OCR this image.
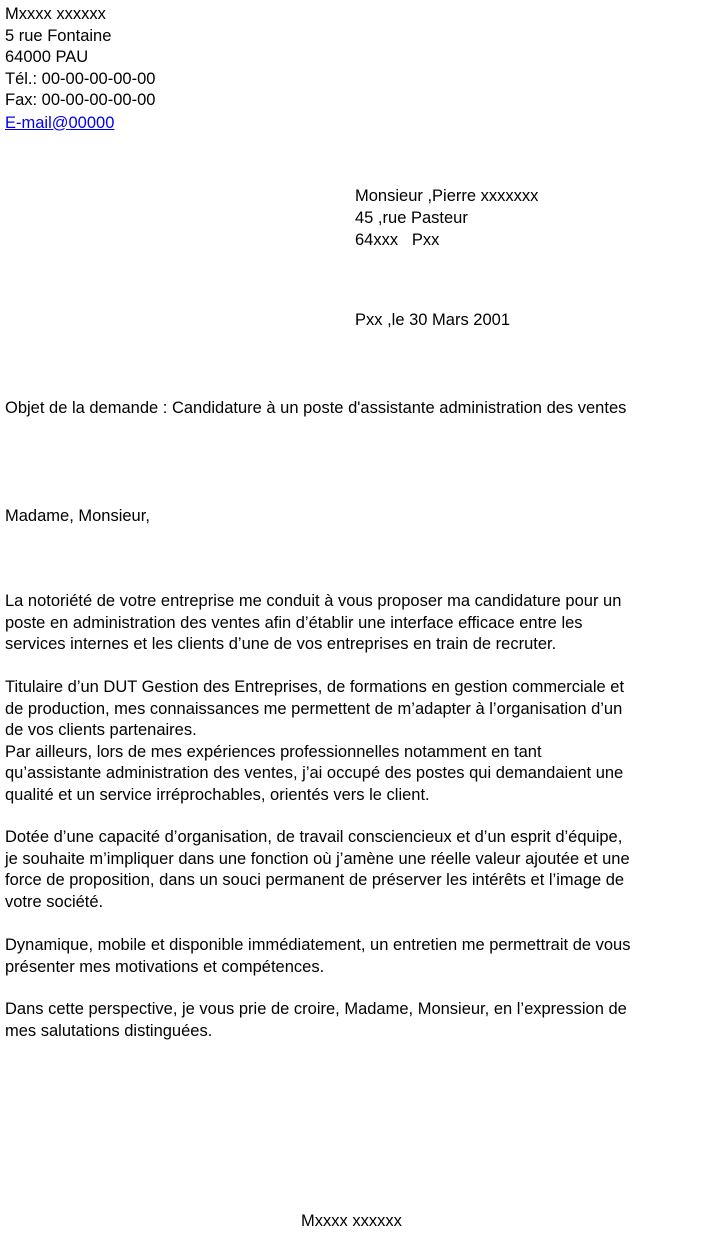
Mxxxx xxxxxx
5 rue Fontaine
64000 PAU
Tél.: 00-00-00-00-00
Fax: 00-00-00-00-00
E-mail@00000
Monsieur ,Pierre xxxxxxx
45 ,rue Pasteur
64xxx   Pxx
Pxx ,le 30 Mars 2001
Objet de la demande : Candidature à un poste d'assistante administration des ventes
Madame, Monsieur,
La notoriété de votre entreprise me conduit à vous proposer ma candidature pour un
poste en administration des ventes afin d’établir une interface efficace entre les
services internes et les clients d’une de vos entreprises en train de recruter.
Titulaire d’un DUT Gestion des Entreprises, de formations en gestion commerciale et
de production, mes connaissances me permettent de m’adapter à l’organisation d’un
de vos clients partenaires.
Par ailleurs, lors de mes expériences professionnelles notamment en tant
qu’assistante administration des ventes, j’ai occupé des postes qui demandaient une
qualité et un service irréprochables, orientés vers le client.
Dotée d’une capacité d’organisation, de travail consciencieux et d’un esprit d’équipe,
je souhaite m’impliquer dans une fonction où j’amène une réelle valeur ajoutée et une
force de proposition, dans un souci permanent de préserver les intérêts et l’image de
votre société.
Dynamique, mobile et disponible immédiatement, un entretien me permettrait de vous
présenter mes motivations et compétences.
Dans cette perspective, je vous prie de croire, Madame, Monsieur, en l’expression de
mes salutations distinguées.
Mxxxx xxxxxx
